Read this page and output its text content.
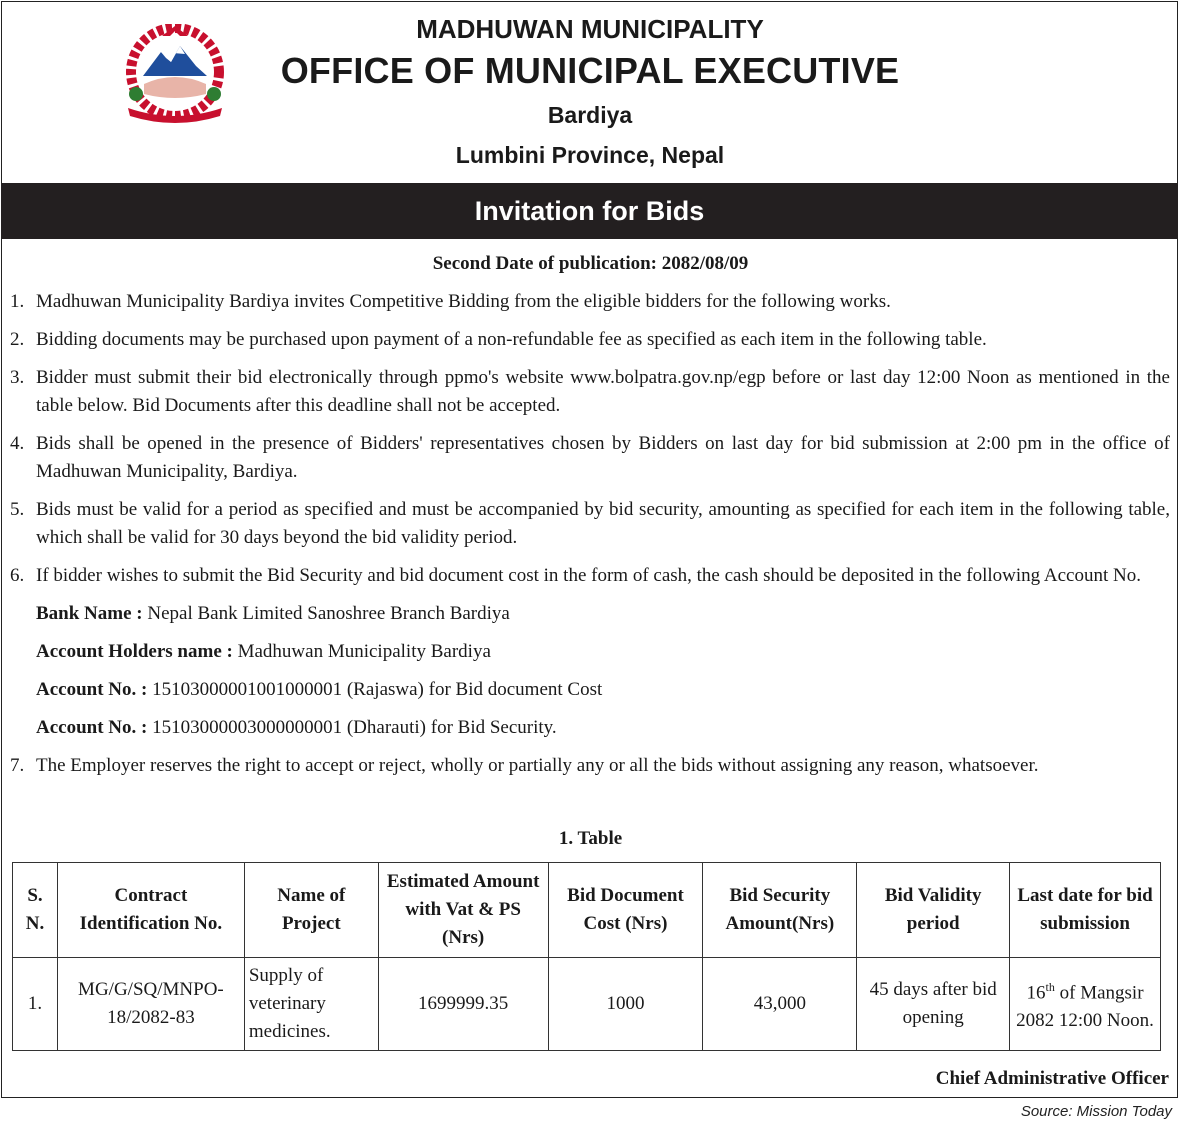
MADHUWAN MUNICIPALITY
OFFICE OF MUNICIPAL EXECUTIVE
Bardiya
Lumbini Province, Nepal
Invitation for Bids
Second Date of publication: 2082/08/09
1. Madhuwan Municipality Bardiya invites Competitive Bidding from the eligible bidders for the following works.
2. Bidding documents may be purchased upon payment of a non-refundable fee as specified as each item in the following table.
3. Bidder must submit their bid electronically through ppmo's website www.bolpatra.gov.np/egp before or last day 12:00 Noon as mentioned in the table below. Bid Documents after this deadline shall not be accepted.
4. Bids shall be opened in the presence of Bidders' representatives chosen by Bidders on last day for bid submission at 2:00 pm in the office of Madhuwan Municipality, Bardiya.
5. Bids must be valid for a period as specified and must be accompanied by bid security, amounting as specified for each item in the following table, which shall be valid for 30 days beyond the bid validity period.
6. If bidder wishes to submit the Bid Security and bid document cost in the form of cash, the cash should be deposited in the following Account No.
Bank Name : Nepal Bank Limited Sanoshree Branch Bardiya
Account Holders name : Madhuwan Municipality Bardiya
Account No. : 15103000001001000001 (Rajaswa) for Bid document Cost
Account No. : 15103000003000000001 (Dharauti) for Bid Security.
7. The Employer reserves the right to accept or reject, wholly or partially any or all the bids without assigning any reason, whatsoever.
1. Table
S. N.	Contract Identification No.	Name of Project	Estimated Amount with Vat & PS (Nrs)	Bid Document Cost (Nrs)	Bid Security Amount(Nrs)	Bid Validity period	Last date for bid submission
1.	MG/G/SQ/MNPO-18/2082-83	Supply of veterinary medicines.	1699999.35	1000	43,000	45 days after bid opening	16th of Mangsir 2082 12:00 Noon.
Chief Administrative Officer
Source: Mission Today
